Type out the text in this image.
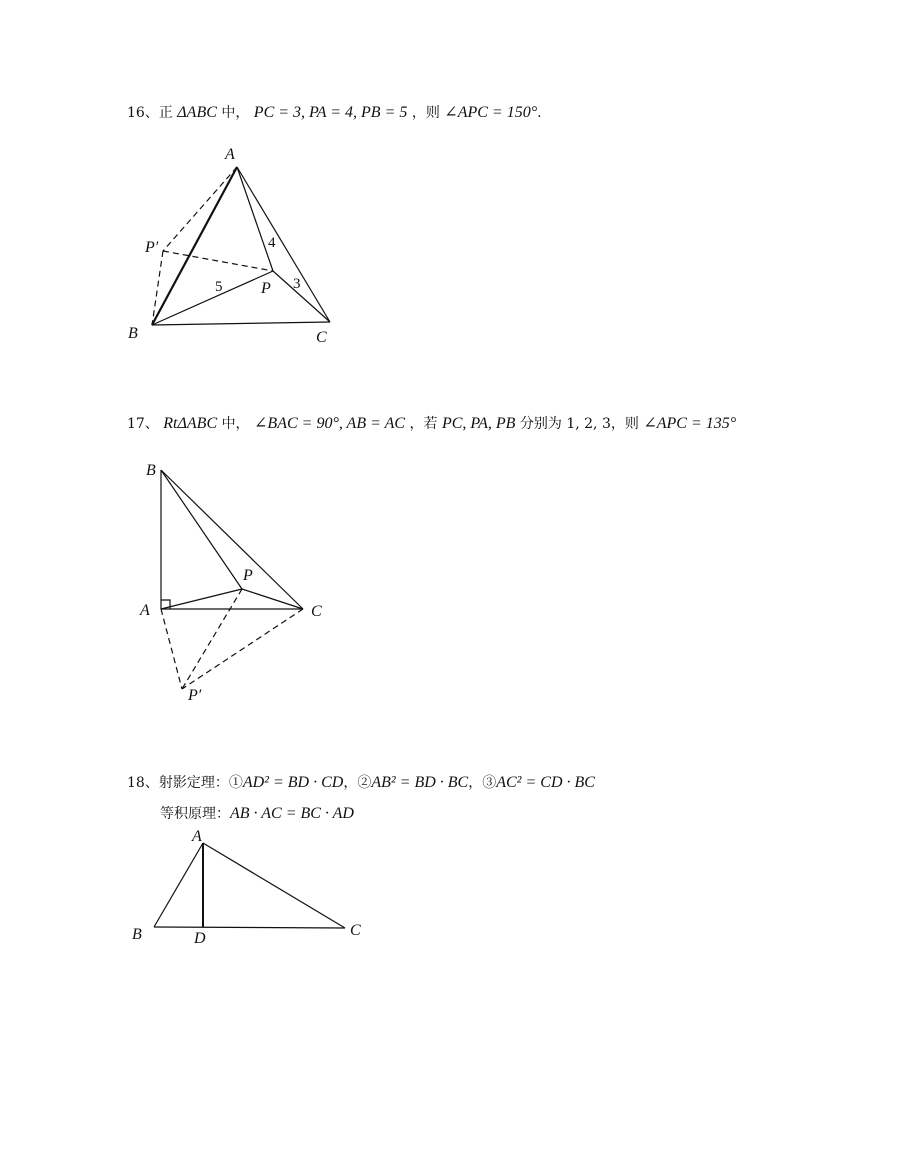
16、正 ΔABC 中， PC = 3, PA = 4, PB = 5 ，则 ∠APC = 150°.
17、 RtΔABC 中， ∠BAC = 90°, AB = AC ，若 PC, PA, PB 分别为 1, 2, 3，则 ∠APC = 135°
18、射影定理：①AD² = BD · CD，②AB² = BD · BC，③AC² = CD · BC
等积原理：AB · AC = BC · AD
A
B	C
P
P′	4
5	3
B
A	C
P
P′
A
B	D	C
